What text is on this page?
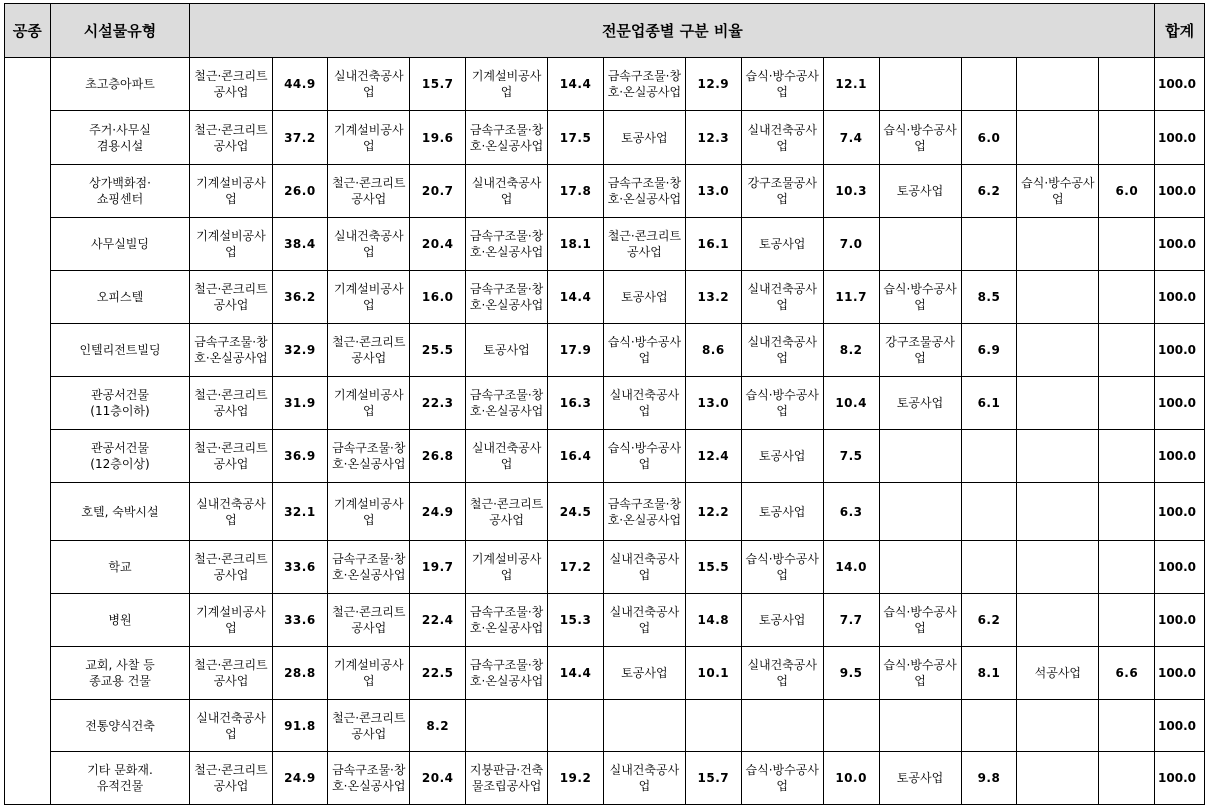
공종	시설물유형	전문업종별 구분 비율														합계
	초고층아파트	철근·콘크리트공사업	44.9	실내건축공사업	15.7	기계설비공사업	14.4	금속구조물·창호·온실공사업	12.9	습식·방수공사업	12.1					100.0
	주거·사무실
겸용시설	철근·콘크리트공사업	37.2	기계설비공사업	19.6	금속구조물·창호·온실공사업	17.5	토공사업	12.3	실내건축공사업	7.4	습식·방수공사업	6.0			100.0
	상가백화점·
쇼핑센터	기계설비공사업	26.0	철근·콘크리트공사업	20.7	실내건축공사업	17.8	금속구조물·창호·온실공사업	13.0	강구조물공사업	10.3	토공사업	6.2	습식·방수공사업	6.0	100.0
	사무실빌딩	기계설비공사업	38.4	실내건축공사업	20.4	금속구조물·창호·온실공사업	18.1	철근·콘크리트공사업	16.1	토공사업	7.0					100.0
	오피스텔	철근·콘크리트공사업	36.2	기계설비공사업	16.0	금속구조물·창호·온실공사업	14.4	토공사업	13.2	실내건축공사업	11.7	습식·방수공사업	8.5			100.0
	인텔리전트빌딩	금속구조물·창호·온실공사업	32.9	철근·콘크리트공사업	25.5	토공사업	17.9	습식·방수공사업	8.6	실내건축공사업	8.2	강구조물공사업	6.9			100.0
	관공서건물
(11층이하)	철근·콘크리트공사업	31.9	기계설비공사업	22.3	금속구조물·창호·온실공사업	16.3	실내건축공사업	13.0	습식·방수공사업	10.4	토공사업	6.1			100.0
	관공서건물
(12층이상)	철근·콘크리트공사업	36.9	금속구조물·창호·온실공사업	26.8	실내건축공사업	16.4	습식·방수공사업	12.4	토공사업	7.5					100.0
	호텔, 숙박시설	실내건축공사업	32.1	기계설비공사업	24.9	철근·콘크리트공사업	24.5	금속구조물·창호·온실공사업	12.2	토공사업	6.3					100.0
	학교	철근·콘크리트공사업	33.6	금속구조물·창호·온실공사업	19.7	기계설비공사업	17.2	실내건축공사업	15.5	습식·방수공사업	14.0					100.0
	병원	기계설비공사업	33.6	철근·콘크리트공사업	22.4	금속구조물·창호·온실공사업	15.3	실내건축공사업	14.8	토공사업	7.7	습식·방수공사업	6.2			100.0
	교회, 사찰 등
종교용 건물	철근·콘크리트공사업	28.8	기계설비공사업	22.5	금속구조물·창호·온실공사업	14.4	토공사업	10.1	실내건축공사업	9.5	습식·방수공사업	8.1	석공사업	6.6	100.0
	전통양식건축	실내건축공사업	91.8	철근·콘크리트공사업	8.2											100.0
	기타 문화재.
유적건물	철근·콘크리트공사업	24.9	금속구조물·창호·온실공사업	20.4	지붕판금·건축물조립공사업	19.2	실내건축공사업	15.7	습식·방수공사업	10.0	토공사업	9.8			100.0
